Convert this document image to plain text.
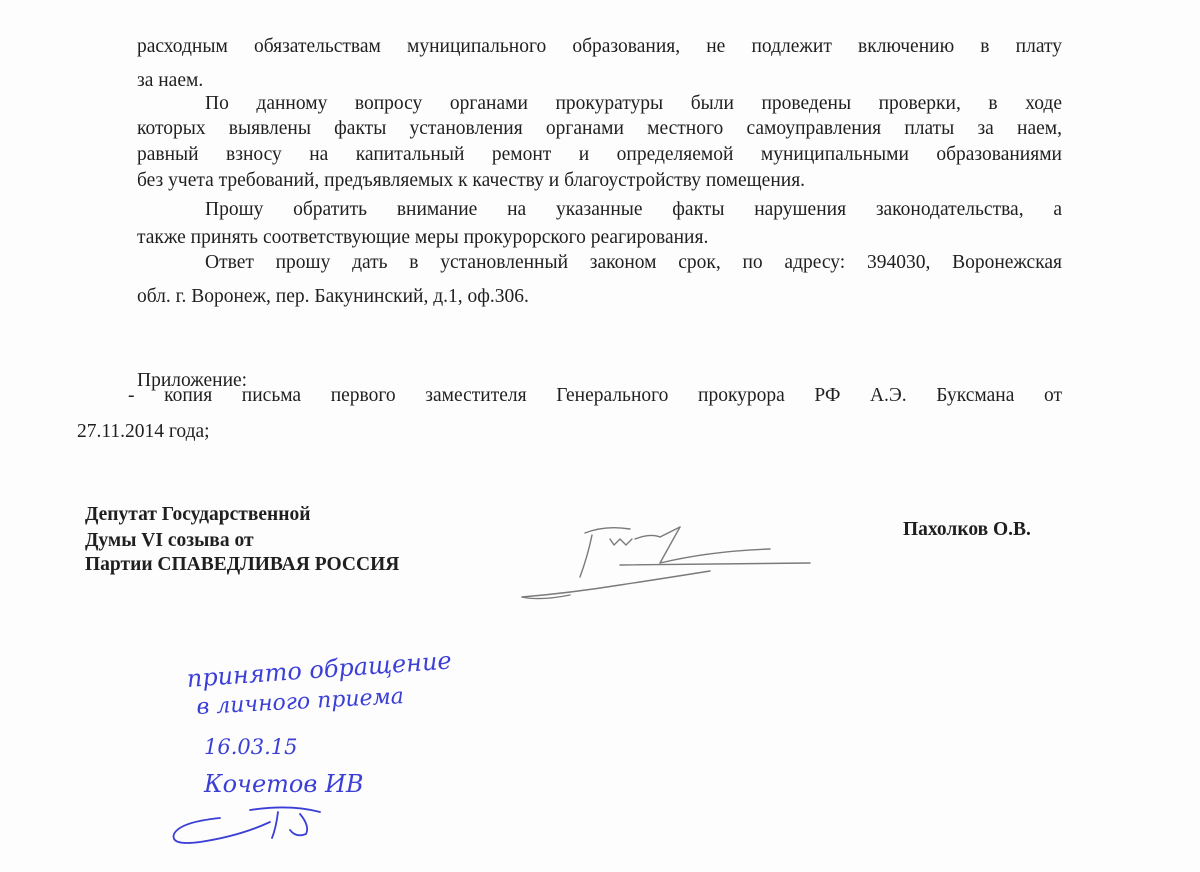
расходным обязательствам муниципального образования, не подлежит включению в плату
за наем.
По данному вопросу органами прокуратуры были проведены проверки, в ходе
которых выявлены факты установления органами местного самоуправления платы за наем,
равный взносу на капитальный ремонт и определяемой муниципальными образованиями
без учета требований, предъявляемых к качеству и благоустройству помещения.
Прошу обратить внимание на указанные факты нарушения законодательства, а
также принять соответствующие меры прокурорского реагирования.
Ответ прошу дать в установленный законом срок, по адресу: 394030, Воронежская
обл. г. Воронеж, пер. Бакунинский, д.1, оф.306.
Приложение:
- копия письма первого заместителя Генерального прокурора РФ А.Э. Буксмана от
27.11.2014 года;
Депутат Государственной
Думы VI созыва от
Партии СПАВЕДЛИВАЯ РОССИЯ
Пахолков О.В.
принято обращение
в личного приема
16.03.15
Кочетов ИВ
